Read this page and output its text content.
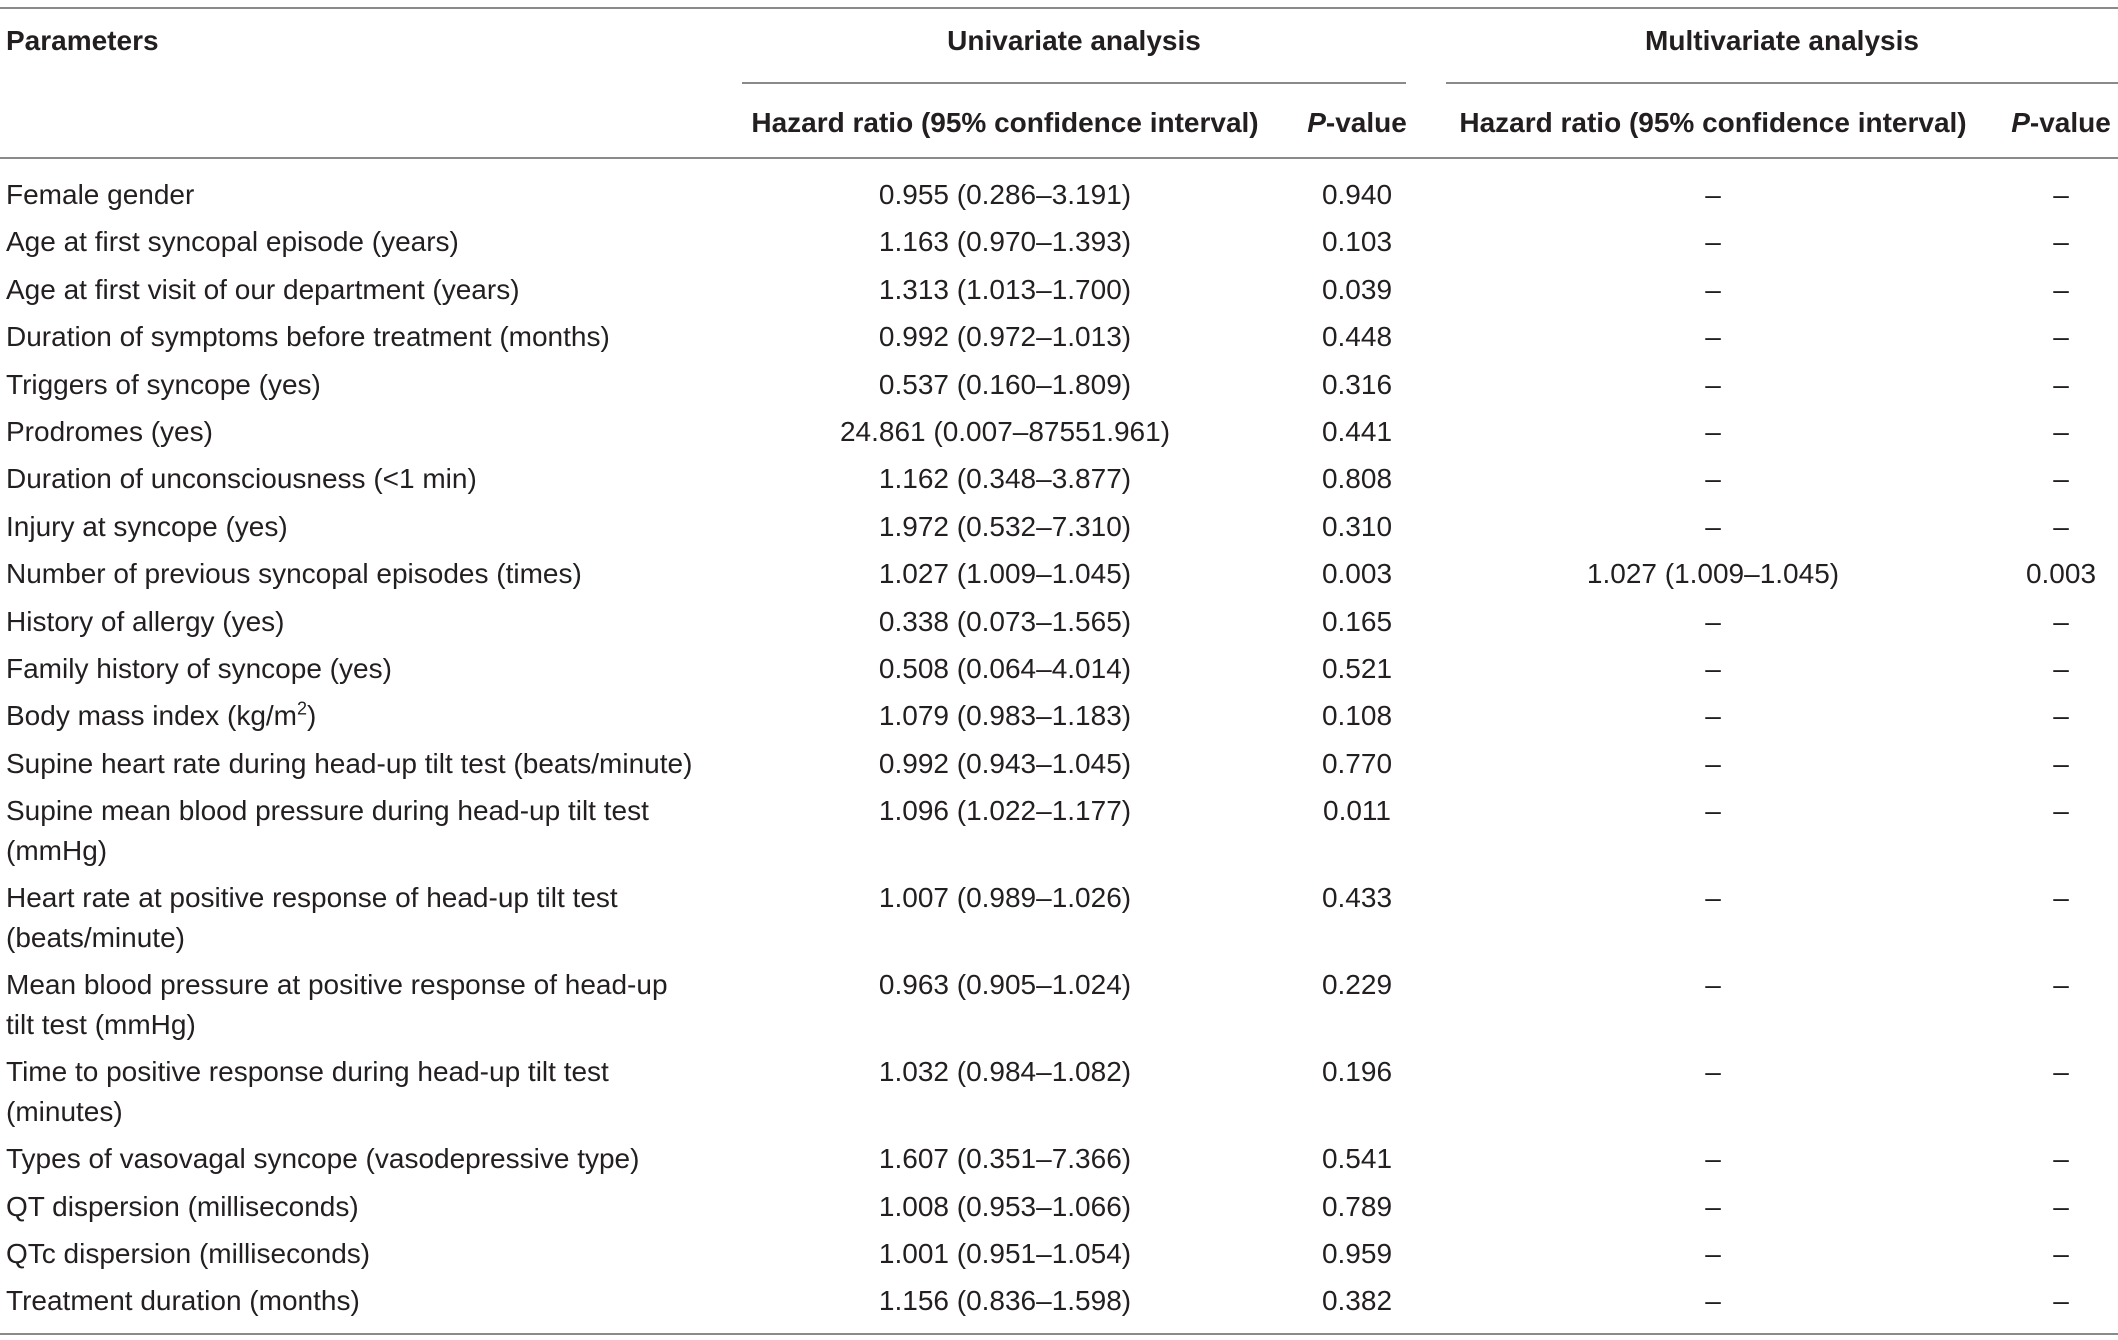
Parameters	Univariate analysis	Multivariate analysis
Hazard ratio (95% confidence interval)	P-value	Hazard ratio (95% confidence interval)	P-value
Female gender	0.955 (0.286–3.191)	0.940	–	–
Age at first syncopal episode (years)	1.163 (0.970–1.393)	0.103	–	–
Age at first visit of our department (years)	1.313 (1.013–1.700)	0.039	–	–
Duration of symptoms before treatment (months)	0.992 (0.972–1.013)	0.448	–	–
Triggers of syncope (yes)	0.537 (0.160–1.809)	0.316	–	–
Prodromes (yes)	24.861 (0.007–87551.961)	0.441	–	–
Duration of unconsciousness (<1 min)	1.162 (0.348–3.877)	0.808	–	–
Injury at syncope (yes)	1.972 (0.532–7.310)	0.310	–	–
Number of previous syncopal episodes (times)	1.027 (1.009–1.045)	0.003	1.027 (1.009–1.045)	0.003
History of allergy (yes)	0.338 (0.073–1.565)	0.165	–	–
Family history of syncope (yes)	0.508 (0.064–4.014)	0.521	–	–
Body mass index $(kg/m^2)$	1.079 (0.983–1.183)	0.108	–	–
Supine heart rate during head-up tilt test (beats/minute)	0.992 (0.943–1.045)	0.770	–	–
Supine mean blood pressure during head-up tilt test
(mmHg)
1.096 (1.022–1.177)	0.011	–	–
Heart rate at positive response of head-up tilt test
(beats/minute)
1.007 (0.989–1.026)	0.433	–	–
Mean blood pressure at positive response of head-up
tilt test (mmHg)
0.963 (0.905–1.024)	0.229	–	–
Time to positive response during head-up tilt test
(minutes)
1.032 (0.984–1.082)	0.196	–	–
Types of vasovagal syncope (vasodepressive type)	1.607 (0.351–7.366)	0.541	–	–
QT dispersion (milliseconds)	1.008 (0.953–1.066)	0.789	–	–
QTc dispersion (milliseconds)	1.001 (0.951–1.054)	0.959	–	–
Treatment duration (months)	1.156 (0.836–1.598)	0.382	–	–
